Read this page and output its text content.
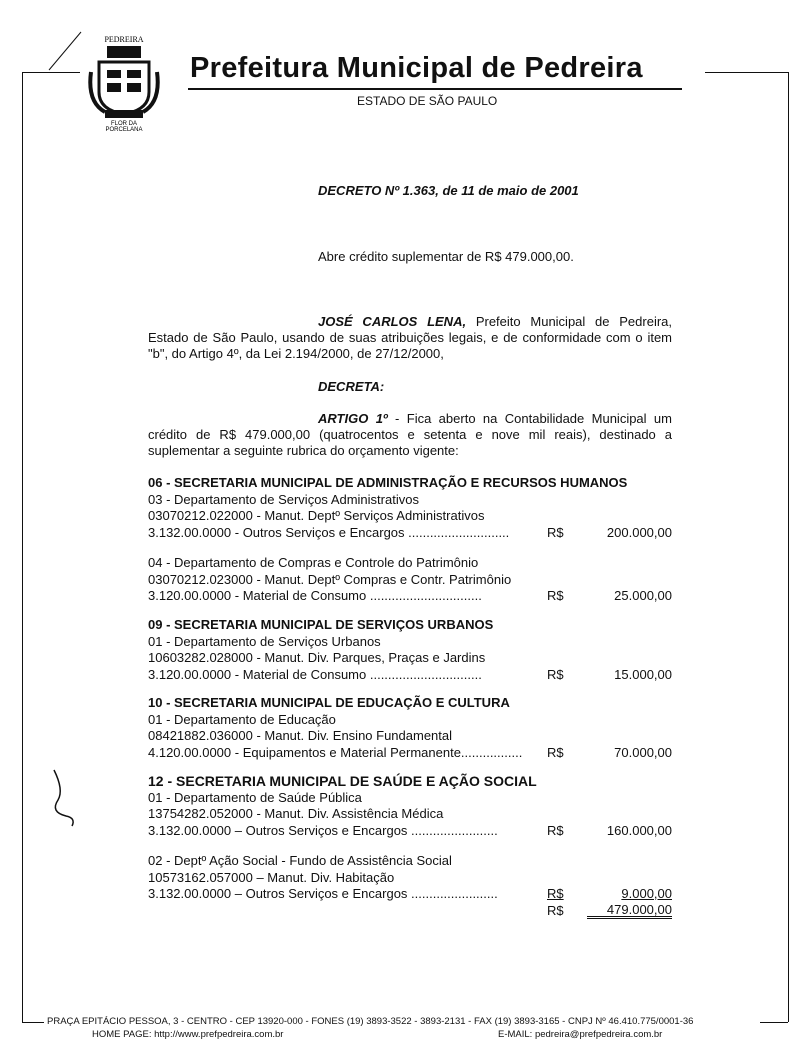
PEDREIRA
FLOR DA
PORCELANA
Prefeitura Municipal de Pedreira
ESTADO DE SÃO PAULO
DECRETO Nº 1.363, de 11 de maio de 2001
Abre crédito suplementar de R$ 479.000,00.
JOSÉ CARLOS LENA, Prefeito Municipal de Pedreira, Estado de São Paulo, usando de suas atribuições legais, e de conformidade com o item "b", do Artigo 4º, da Lei 2.194/2000, de 27/12/2000,
DECRETA:
ARTIGO 1º - Fica aberto na Contabilidade Municipal um crédito de R$ 479.000,00 (quatrocentos e setenta e nove mil reais), destinado a suplementar a seguinte rubrica do orçamento vigente:
06 - SECRETARIA MUNICIPAL DE ADMINISTRAÇÃO E RECURSOS HUMANOS
03 - Departamento de Serviços Administrativos
03070212.022000 - Manut. Deptº Serviços Administrativos
3.132.00.0000 - Outros Serviços e Encargos ............................	R$	200.000,00
04 - Departamento de Compras e Controle do Patrimônio
03070212.023000 - Manut. Deptº Compras e Contr. Patrimônio
3.120.00.0000 - Material de Consumo ...............................	R$	25.000,00
09 - SECRETARIA MUNICIPAL DE SERVIÇOS URBANOS
01 - Departamento de Serviços Urbanos
10603282.028000 - Manut. Div. Parques, Praças e Jardins
3.120.00.0000 - Material de Consumo ...............................	R$	15.000,00
10 - SECRETARIA MUNICIPAL DE EDUCAÇÃO E CULTURA
01 - Departamento de Educação
08421882.036000 - Manut. Div. Ensino Fundamental
4.120.00.0000 - Equipamentos e Material Permanente.................	R$	70.000,00
12 - SECRETARIA MUNICIPAL DE SAÚDE E AÇÃO SOCIAL
01 - Departamento de Saúde Pública
13754282.052000 - Manut. Div. Assistência Médica
3.132.00.0000 – Outros Serviços e Encargos ........................	R$	160.000,00
02 - Deptº Ação Social - Fundo de Assistência Social
10573162.057000 – Manut. Div. Habitação
3.132.00.0000 – Outros Serviços e Encargos ........................	R$	9.000,00
R$	479.000,00
PRAÇA EPITÁCIO PESSOA, 3 - CENTRO - CEP 13920-000 - FONES (19) 3893-3522 - 3893-2131 - FAX (19) 3893-3165 - CNPJ Nº 46.410.775/0001-36
HOME PAGE: http://www.prefpedreira.com.br	E-MAIL: pedreira@prefpedreira.com.br
